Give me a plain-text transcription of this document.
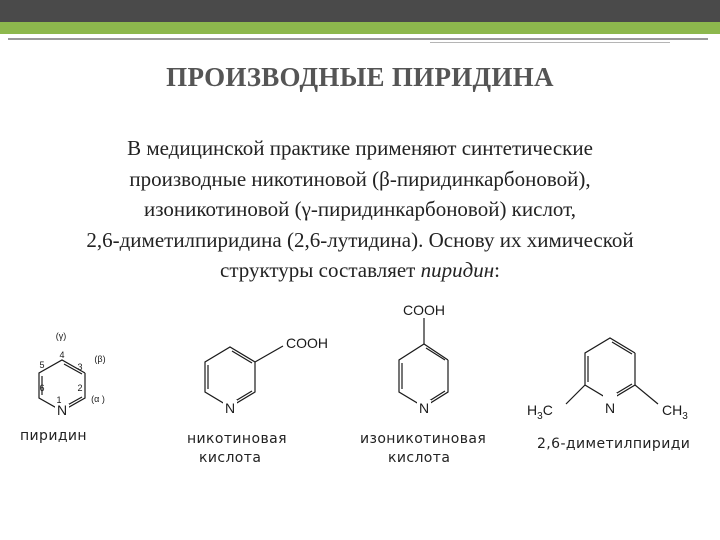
ПРОИЗВОДНЫЕ ПИРИДИНА
В медицинской практике применяют синтетические
производные никотиновой (β-пиридинкарбоновой),
изоникотиновой (γ-пиридинкарбоновой) кислот,
2,6-диметилпиридина (2,6-лутидина). Основу их химической
структуры составляет пиридин:
N
(γ)
(β)
(α )
1
2
3
4
5
6
N
COOH
N
COOH
N
$H_3C$	$CH_3$
пиридин	никотиновая
кислота
изоникотиновая
кислота
2,6-диметилпириди
